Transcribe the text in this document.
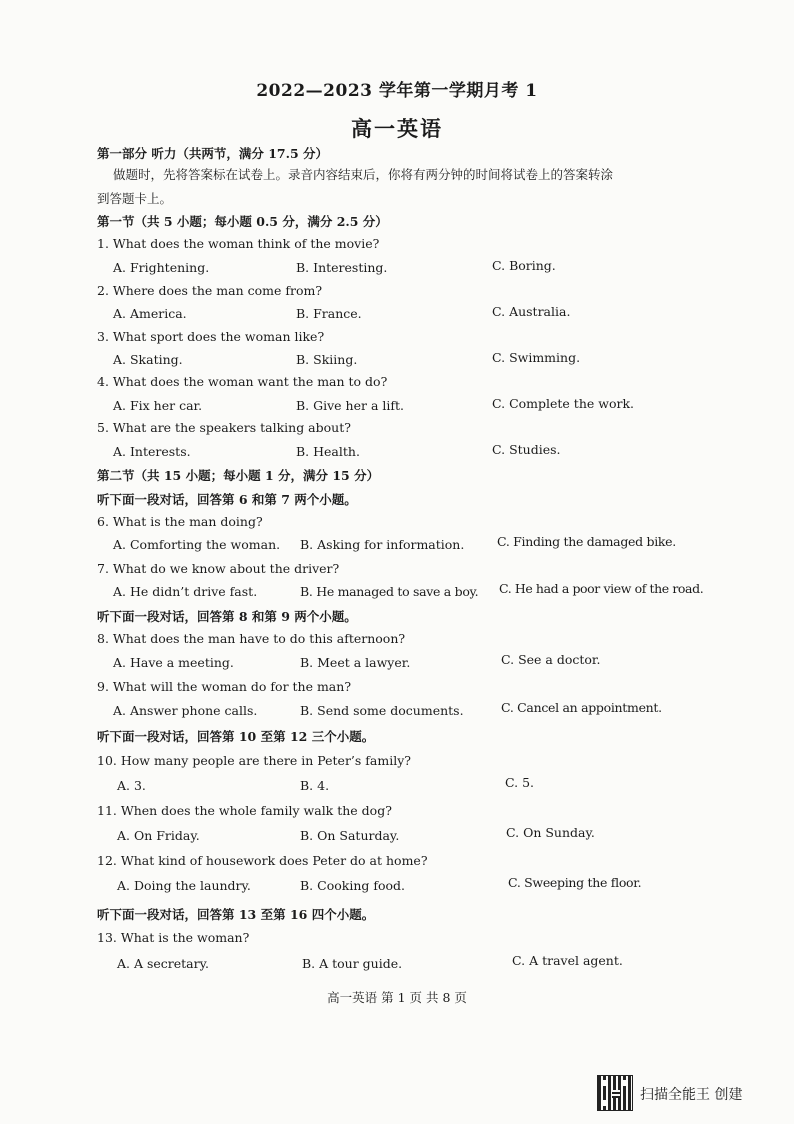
2022—2023 学年第一学期月考 1
高一英语
第一部分 听力（共两节，满分 17.5 分）
做题时，先将答案标在试卷上。录音内容结束后，你将有两分钟的时间将试卷上的答案转涂
到答题卡上。
第一节（共 5 小题；每小题 0.5 分，满分 2.5 分）
1. What does the woman think of the movie?
A. Frightening.	B. Interesting.	C. Boring.
2. Where does the man come from?
A. America.	B. France.	C. Australia.
3. What sport does the woman like?
A. Skating.	B. Skiing.	C. Swimming.
4. What does the woman want the man to do?
A. Fix her car.	B. Give her a lift.	C. Complete the work.
5. What are the speakers talking about?
A. Interests.	B. Health.	C. Studies.
第二节（共 15 小题；每小题 1 分，满分 15 分）
听下面一段对话，回答第 6 和第 7 两个小题。
6. What is the man doing?
A. Comforting the woman. B. Asking for information.	C. Finding the damaged bike.
7. What do we know about the driver?
A. He didn’t drive fast.	B. He managed to save a boy. C. He had a poor view of the road.
听下面一段对话，回答第 8 和第 9 两个小题。
8. What does the man have to do this afternoon?
A. Have a meeting.	B. Meet a lawyer.	C. See a doctor.
9. What will the woman do for the man?
A. Answer phone calls.	B. Send some documents.	C. Cancel an appointment.
听下面一段对话，回答第 10 至第 12 三个小题。
10. How many people are there in Peter’s family?
A. 3.	B. 4.	C. 5.
11. When does the whole family walk the dog?
A. On Friday.	B. On Saturday.	C. On Sunday.
12. What kind of housework does Peter do at home?
A. Doing the laundry.	B. Cooking food.	C. Sweeping the floor.
听下面一段对话，回答第 13 至第 16 四个小题。
13. What is the woman?
A. A secretary.	B. A tour guide.	C. A travel agent.
高一英语 第 1 页 共 8 页
扫描全能王 创建
